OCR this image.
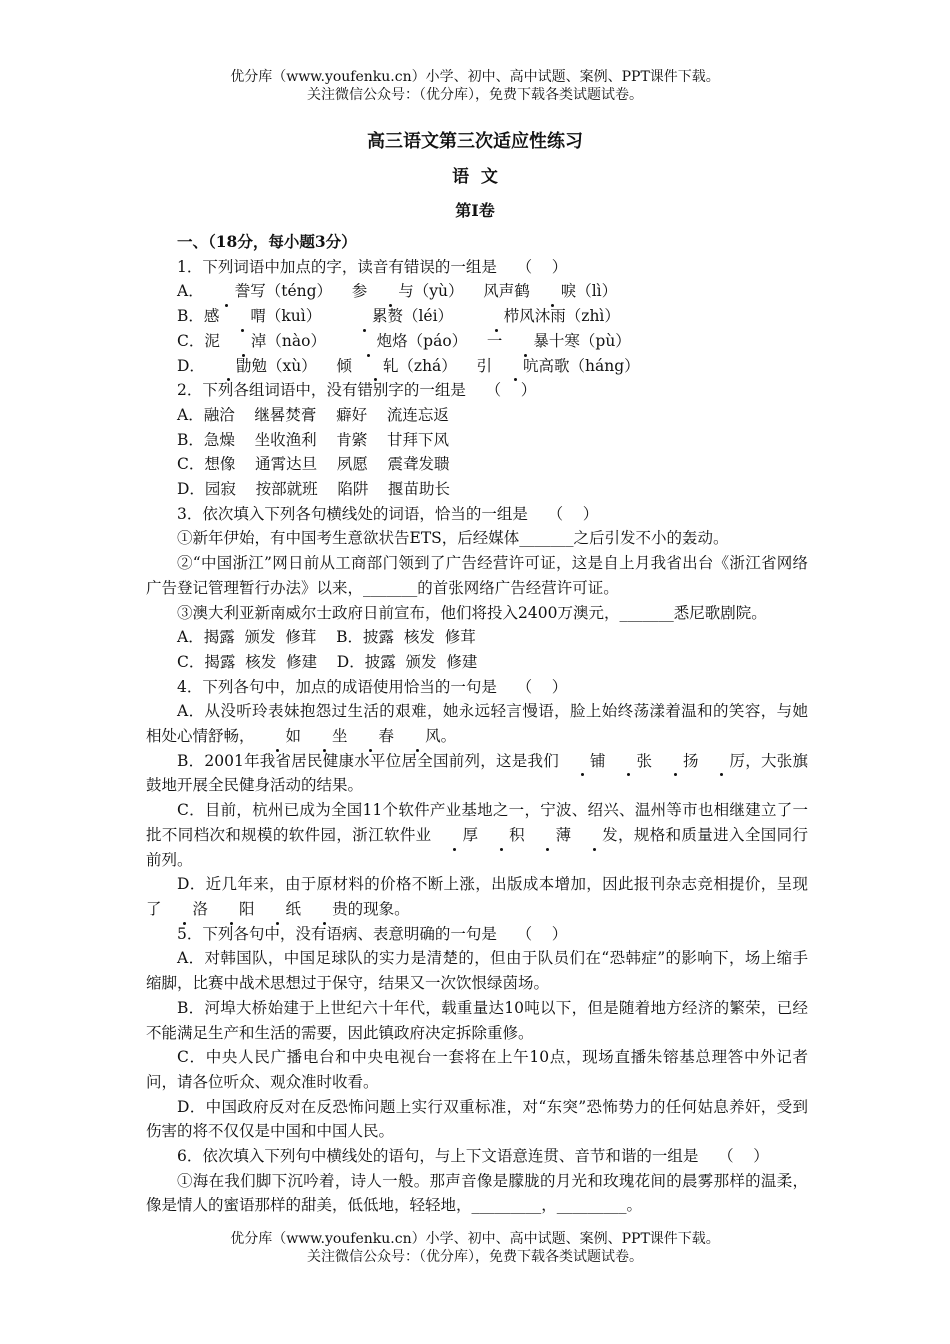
优分库（www.youfenku.cn）小学、初中、高中试题、案例、PPT课件下载。
关注微信公众号：（优分库），免费下载各类试题试卷。
高三语文第三次适应性练习
语  文
第Ⅰ卷

一、（18分，每小题3分）

1．下列词语中加点的字，读音有错误的一组是    （    ）

A． 誊写（téng）    参 与（yù）    风声鹤 唳（lì）

B．感 喟（kuì）    累赘（léi）    栉风沐雨（zhì）

C．泥 淖（nào）    炮烙（páo）    一 暴十寒（pù）

D． 勖勉（xù）    倾 轧（zhá）    引 吭高歌（háng）

2．下列各组词语中，没有错别字的一组是    （    ）

A．融洽    继晷焚膏    癖好    流连忘返

B．急燥    坐收渔利    肯綮    甘拜下风

C．想像    通霄达旦    夙愿    震聋发聩

D．园寂    按部就班    陷阱    揠苗助长

3．依次填入下列各句横线处的词语，恰当的一组是    （    ）

①新年伊始，有中国考生意欲状告ETS，后经媒体_______之后引发不小的轰动。

②“中国浙江”网日前从工商部门领到了广告经营许可证，这是自上月我省出台《浙江省网络广告登记管理暂行办法》以来，_______的首张网络广告经营许可证。

③澳大利亚新南威尔士政府日前宣布，他们将投入2400万澳元，_______悉尼歌剧院。

A．揭露  颁发  修茸    B．披露  核发  修茸

C．揭露  核发  修建    D．披露  颁发  修建

4．下列各句中，加点的成语使用恰当的一句是    （    ）

A．从没听玲表妹抱怨过生活的艰难，她永远轻言慢语，脸上始终荡漾着温和的笑容，与她相处心情舒畅， 如 坐 春 风。

B．2001年我省居民健康水平位居全国前列，这是我们 铺 张 扬 厉，大张旗鼓地开展全民健身活动的结果。

C．目前，杭州已成为全国11个软件产业基地之一，宁波、绍兴、温州等市也相继建立了一批不同档次和规模的软件园，浙江软件业 厚 积 薄 发，规格和质量进入全国同行前列。

D．近几年来，由于原材料的价格不断上涨，出版成本增加，因此报刊杂志竞相提价，呈现了 洛 阳 纸 贵的现象。

5．下列各句中，没有语病、表意明确的一句是    （    ）

A．对韩国队，中国足球队的实力是清楚的，但由于队员们在“恐韩症”的影响下，场上缩手缩脚，比赛中战术思想过于保守，结果又一次饮恨绿茵场。

B．河埠大桥始建于上世纪六十年代，载重量达10吨以下，但是随着地方经济的繁荣，已经不能满足生产和生活的需要，因此镇政府决定拆除重修。

C．中央人民广播电台和中央电视台一套将在上午10点，现场直播朱镕基总理答中外记者问，请各位听众、观众准时收看。

D．中国政府反对在反恐怖问题上实行双重标准，对“东突”恐怖势力的任何姑息养奸，受到伤害的将不仅仅是中国和中国人民。

6．依次填入下列句中横线处的语句，与上下文语意连贯、音节和谐的一组是    （    ）

①海在我们脚下沉吟着，诗人一般。那声音像是朦胧的月光和玫瑰花间的晨雾那样的温柔，像是情人的蜜语那样的甜美，低低地，轻轻地，_________，_________。

优分库（www.youfenku.cn）小学、初中、高中试题、案例、PPT课件下载。
关注微信公众号：（优分库），免费下载各类试题试卷。
